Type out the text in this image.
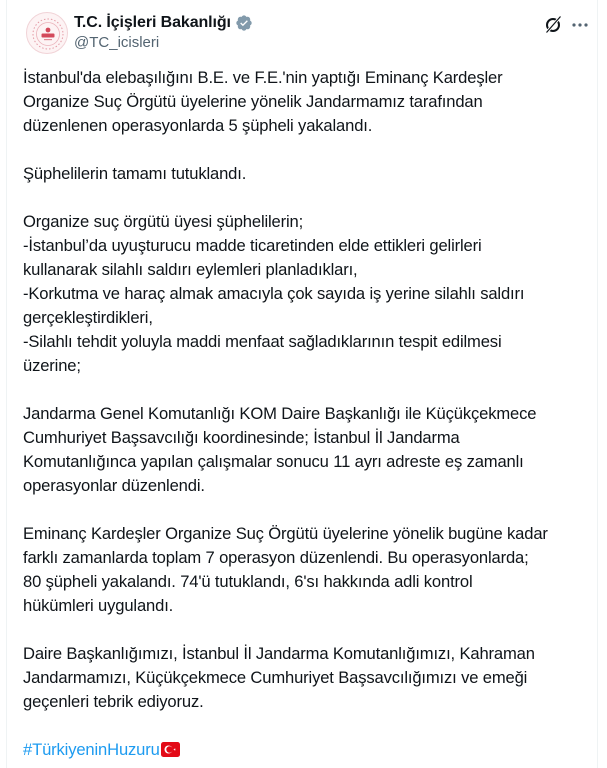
T.C. İçişleri Bakanlığı
@TC_icisleri

İstanbul'da elebaşılığını B.E. ve F.E.'nin yaptığı Eminanç Kardeşler
Organize Suç Örgütü üyelerine yönelik Jandarmamız tarafından
düzenlenen operasyonlarda 5 şüpheli yakalandı.

Şüphelilerin tamamı tutuklandı.

Organize suç örgütü üyesi şüphelilerin;
-İstanbul’da uyuşturucu madde ticaretinden elde ettikleri gelirleri
kullanarak silahlı saldırı eylemleri planladıkları,
-Korkutma ve haraç almak amacıyla çok sayıda iş yerine silahlı saldırı
gerçekleştirdikleri,
-Silahlı tehdit yoluyla maddi menfaat sağladıklarının tespit edilmesi
üzerine;

Jandarma Genel Komutanlığı KOM Daire Başkanlığı ile Küçükçekmece
Cumhuriyet Başsavcılığı koordinesinde; İstanbul İl Jandarma
Komutanlığınca yapılan çalışmalar sonucu 11 ayrı adreste eş zamanlı
operasyonlar düzenlendi.

Eminanç Kardeşler Organize Suç Örgütü üyelerine yönelik bugüne kadar
farklı zamanlarda toplam 7 operasyon düzenlendi. Bu operasyonlarda;
80 şüpheli yakalandı. 74'ü tutuklandı, 6'sı hakkında adli kontrol
hükümleri uygulandı.

Daire Başkanlığımızı, İstanbul İl Jandarma Komutanlığımızı, Kahraman
Jandarmamızı, Küçükçekmece Cumhuriyet Başsavcılığımızı ve emeği
geçenleri tebrik ediyoruz.

#TürkiyeninHuzuru
